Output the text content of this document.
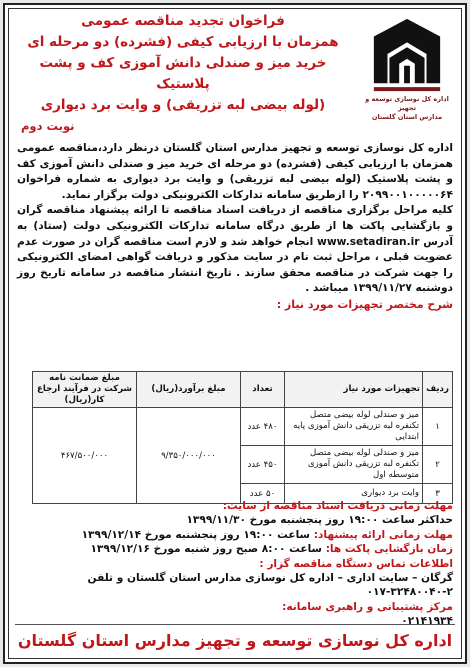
اداره کل نوسازی توسعه و تجهیز
مدارس استان گلستان
فراخوان تجدید مناقصه عمومی
همزمان با ارزیابی کیفی (فشرده) دو مرحله ای
خرید میز و صندلی دانش آموزی کف و پشت پلاستیک
(لوله بیضی لبه تزریقی) و وایت برد دیواری
نوبت دوم

اداره کل نوسازی توسعه و تجهیز مدارس استان گلستان درنظر دارد،مناقصه عمومی همزمان با ارزیابی کیفی (فشرده) دو مرحله ای خرید میز و صندلی دانش آموزی کف و پشت پلاستیک (لوله بیضی لبه تزریقی) و وایت برد دیواری به شماره فراخوان ۲۰۹۹۰۰۱۰۰۰۰۰۶۴ را ازطریق سامانه تدارکات الکترونیکی دولت برگزار نماید.

کلیه مراحل برگزاری مناقصه از دریافت اسناد مناقصه تا ارائه پیشنهاد مناقصه گران و بازگشایی پاکت ها از طریق درگاه سامانه تدارکات الکترونیکی دولت (ستاد) به آدرس www.setadiran.ir انجام خواهد شد و لازم است مناقصه گران در صورت عدم عضویت قبلی ، مراحل ثبت نام در سایت مذکور و دریافت گواهی امضای الکترونیکی را جهت شرکت در مناقصه محقق سازند . تاریخ انتشار مناقصه در سامانه تاریخ روز دوشنبه ۱۳۹۹/۱۱/۲۷ میباشد .

شرح مختصر تجهیزات مورد نیاز :
ردیف	تجهیزات مورد نیاز	تعداد	مبلغ برآورد(ریال)	مبلغ ضمانت نامه شرکت در فرآیند ارجاع کار(ریال)
۱	میز و صندلی لوله بیضی متصل تکنفره لبه تزریقی دانش آموزی پایه ابتدایی	۴۸۰ عدد	۹/۳۵۰/۰۰۰/۰۰۰	۴۶۷/۵۰۰/۰۰۰
۲	میز و صندلی لوله بیضی متصل تکنفره لبه تزریقی دانش آموزی متوسطه اول	۴۵۰ عدد		
۳	وایت برد دیواری	۵۰ عدد		
مهلت زمانی دریافت اسناد مناقصه از سایت:
حداکثر ساعت ۱۹:۰۰ روز پنجشنبه مورخ ۱۳۹۹/۱۱/۳۰
مهلت زمانی ارائه پیشنهاد: ساعت ۱۹:۰۰ روز پنجشنبه مورخ ۱۳۹۹/۱۲/۱۴
زمان بازگشایی پاکت ها: ساعت ۸:۰۰ صبح روز شنبه مورخ ۱۳۹۹/۱۲/۱۶
اطلاعات تماس دستگاه مناقصه گزار :
گرگان – سایت اداری – اداره کل نوسازی مدارس استان گلستان و تلفن ۲-۳۲۴۸۰۰۴۰-۰۱۷
مرکز پشتیبانی و راهبری سامانه:
۰۲۱۴۱۹۳۴
اداره کل نوسازی توسعه و تجهیز مدارس استان گلستان
